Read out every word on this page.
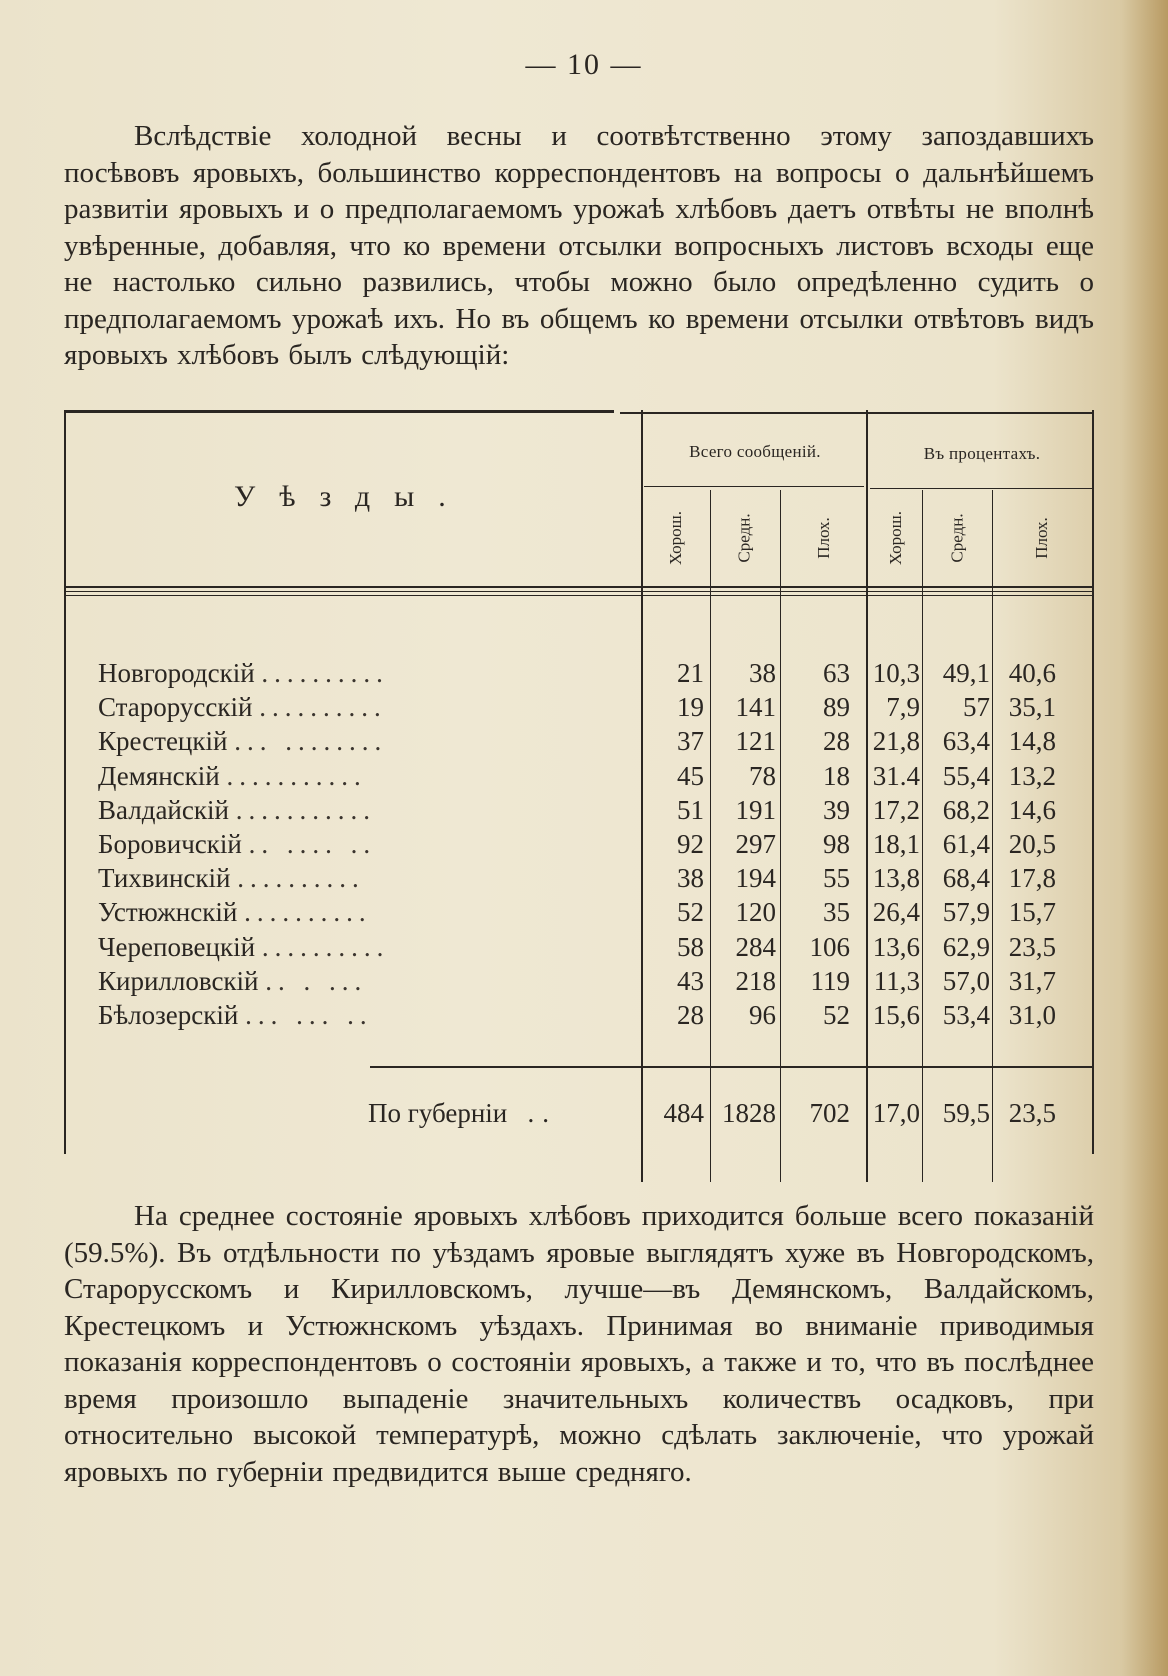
— 10 —
Вслѣдствіе холодной весны и соотвѣтственно этому запоздавшихъ посѣвовъ яровыхъ, большинство корреспондентовъ на вопросы о дальнѣйшемъ развитіи яровыхъ и о предполагаемомъ урожаѣ хлѣбовъ даетъ отвѣты не вполнѣ увѣренные, добавляя, что ко времени отсылки вопросныхъ листовъ всходы еще не настолько сильно развились, чтобы можно было опредѣленно судить о предполагаемомъ урожаѣ ихъ. Но въ общемъ ко времени отсылки отвѣтовъ видъ яровыхъ хлѣбовъ былъ слѣдующій:
Уѣзды.
Всего сообщеній.	Въ процентахъ.
Хорош.	Средн.	Плох.	Хорош.	Средн.	Плох.
Новгородскій ..........	21	38	63 10,3 49,1 40,6
Старорусскій ..........	19	141	89	7,9	57 35,1
Крестецкій ... ........	37	121	28 21,8 63,4 14,8
Демянскій ...........	45	78	18 31.4 55,4 13,2
Валдайскій ...........	51	191	39 17,2 68,2 14,6
Боровичскій .. .... ..	92	297	98 18,1 61,4 20,5
Тихвинскій ..........	38	194	55 13,8 68,4 17,8
Устюжнскій ..........	52	120	35 26,4 57,9 15,7
Череповецкій ..........	58	284	106 13,6 62,9 23,5
Кирилловскій .. . ...	43	218	119 11,3 57,0 31,7
Бѣлозерскій ... ... ..	28	96	52 15,6 53,4 31,0
По губерніи ..	484 1828	702 17,0 59,5 23,5
На среднее состояніе яровыхъ хлѣбовъ приходится больше всего показаній (59.5%). Въ отдѣльности по уѣздамъ яровые выглядятъ хуже въ Новгородскомъ, Старорусскомъ и Кирилловскомъ, лучше—въ Демянскомъ, Валдайскомъ, Крестецкомъ и Устюжнскомъ уѣздахъ. Принимая во вниманіе приводимыя показанія корреспондентовъ о состояніи яровыхъ, а также и то, что въ послѣднее время произошло выпаденіе значительныхъ количествъ осадковъ, при относительно высокой температурѣ, можно сдѣлать заключеніе, что урожай яровыхъ по губерніи предвидится выше средняго.
